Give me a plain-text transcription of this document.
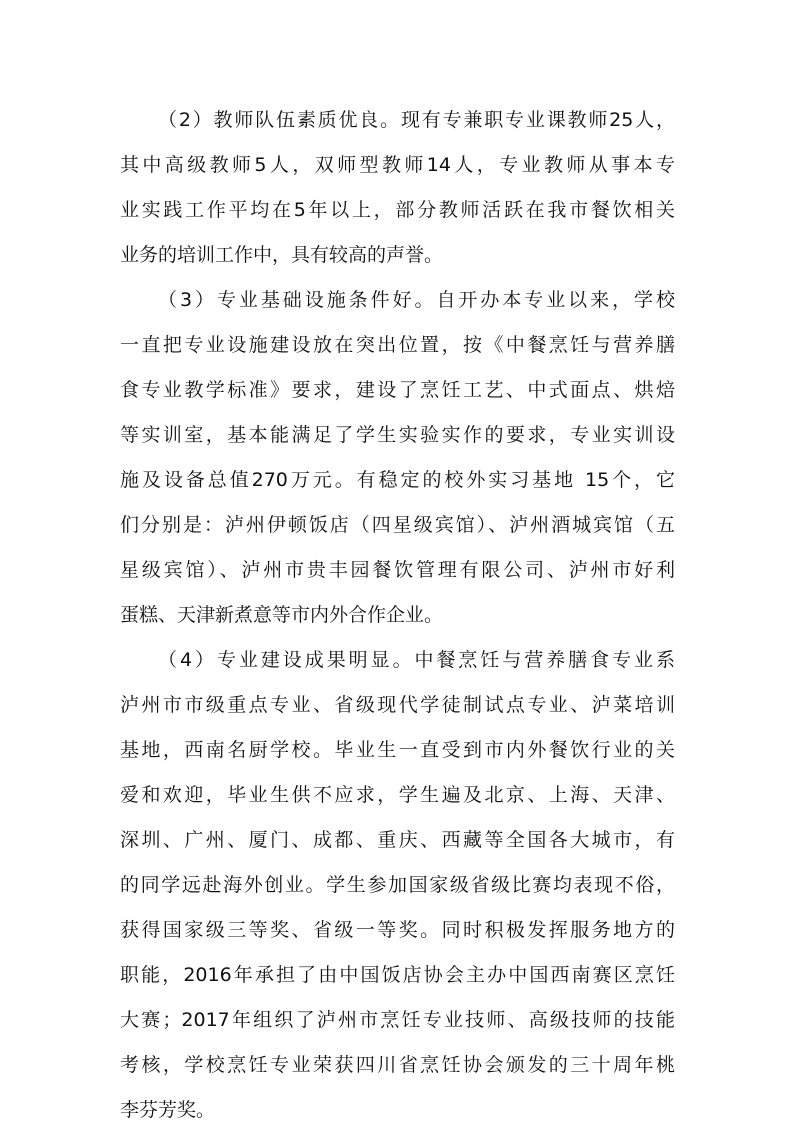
（2）教师队伍素质优良。现有专兼职专业课教师25人，
其中高级教师5人，双师型教师14人，专业教师从事本专
业实践工作平均在5年以上，部分教师活跃在我市餐饮相关
业务的培训工作中，具有较高的声誉。
（3）专业基础设施条件好。自开办本专业以来，学校
一直把专业设施建设放在突出位置，按《中餐烹饪与营养膳
食专业教学标准》要求，建设了烹饪工艺、中式面点、烘焙
等实训室，基本能满足了学生实验实作的要求，专业实训设
施及设备总值270万元。有稳定的校外实习基地 15个，它
们分别是：泸州伊顿饭店（四星级宾馆）、泸州酒城宾馆（五
星级宾馆）、泸州市贵丰园餐饮管理有限公司、泸州市好利
蛋糕、天津新煮意等市内外合作企业。
（4）专业建设成果明显。中餐烹饪与营养膳食专业系
泸州市市级重点专业、省级现代学徒制试点专业、泸菜培训
基地，西南名厨学校。毕业生一直受到市内外餐饮行业的关
爱和欢迎，毕业生供不应求，学生遍及北京、上海、天津、
深圳、广州、厦门、成都、重庆、西藏等全国各大城市，有
的同学远赴海外创业。学生参加国家级省级比赛均表现不俗，
获得国家级三等奖、省级一等奖。同时积极发挥服务地方的
职能，2016年承担了由中国饭店协会主办中国西南赛区烹饪
大赛；2017年组织了泸州市烹饪专业技师、高级技师的技能
考核，学校烹饪专业荣获四川省烹饪协会颁发的三十周年桃
李芬芳奖。
